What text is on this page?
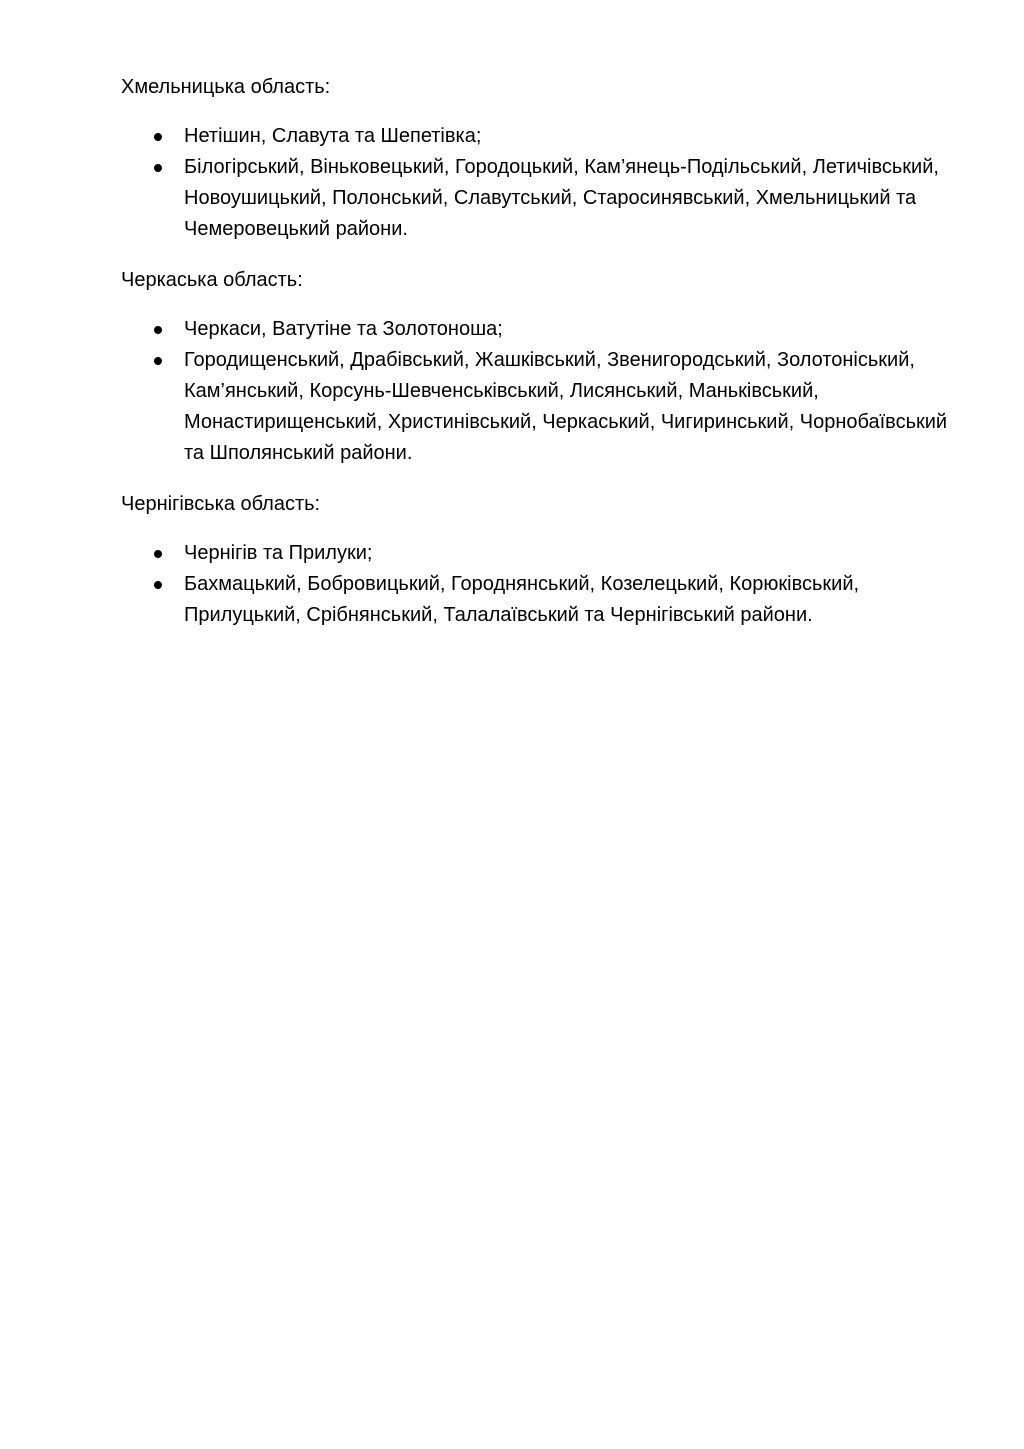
Хмельницька область:

Нетішин, Славута та Шепетівка;
Білогірський, Віньковецький, Городоцький, Кам’янець-Подільський, Летичівський, Новоушицький, Полонський, Славутський, Старосинявський, Хмельницький та Чемеровецький райони.

Черкаська область:

Черкаси, Ватутіне та Золотоноша;
Городищенський, Драбівський, Жашківський, Звенигородський, Золотоніський, Кам’янський, Корсунь-Шевченськівський, Лисянський, Маньківський, Монастирищенський, Христинівський, Черкаський, Чигиринський, Чорнобаївський та Шполянський райони.

Чернігівська область:

Чернігів та Прилуки;
Бахмацький, Бобровицький, Городнянський, Козелецький, Корюківський, Прилуцький, Срібнянський, Талалаївський та Чернігівський райони.
